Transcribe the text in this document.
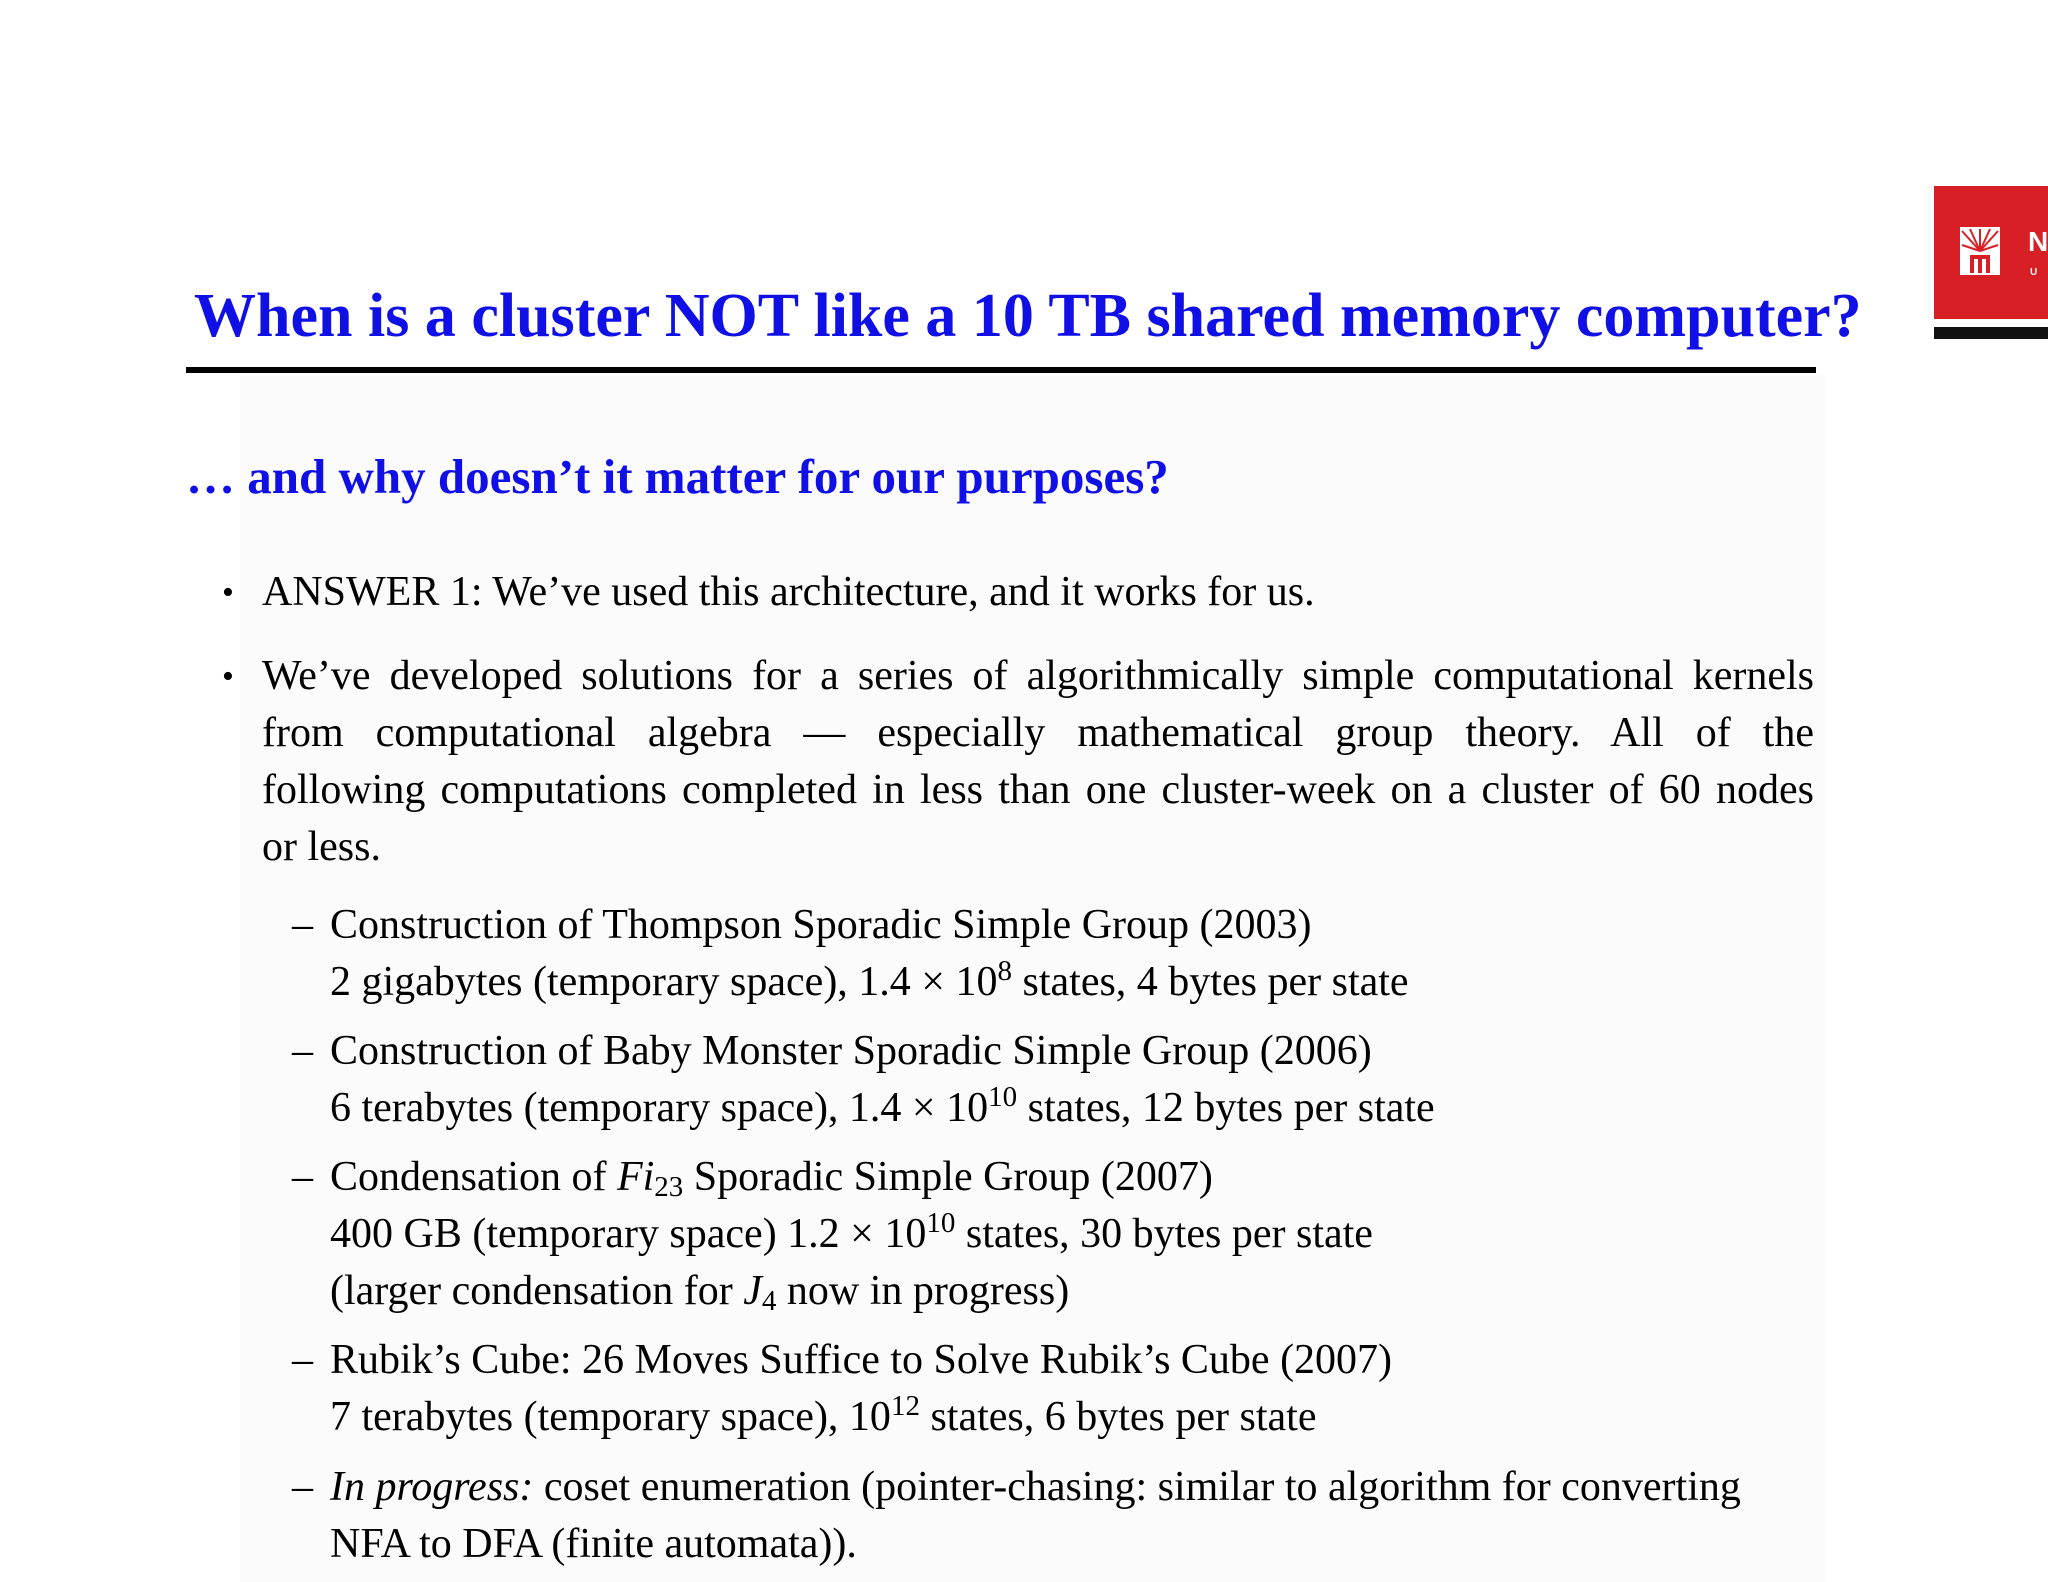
When is a cluster NOT like a 10 TB shared memory computer?
N
U
… and why doesn’t it matter for our purposes?
• ANSWER 1: We’ve used this architecture, and it works for us.
• We’ve developed solutions for a series of algorithmically simple computational kernels
from computational algebra — especially mathematical group theory. All of the
following computations completed in less than one cluster-week on a cluster of 60 nodes
or less.
– Construction of Thompson Sporadic Simple Group (2003)
2 gigabytes (temporary space), $1.4 \times 10^8$ states, 4 bytes per state
– Construction of Baby Monster Sporadic Simple Group (2006)
6 terabytes (temporary space), $1.4 \times 10^{10}$ states, 12 bytes per state
– Condensation of $Fi_{23}$ Sporadic Simple Group (2007)
400 GB (temporary space) $1.2 \times 10^{10}$ states, 30 bytes per state
(larger condensation for $J_4$ now in progress)
– Rubik’s Cube: 26 Moves Suffice to Solve Rubik’s Cube (2007)
7 terabytes (temporary space), $10^{12}$ states, 6 bytes per state
– In progress: coset enumeration (pointer-chasing: similar to algorithm for converting
NFA to DFA (finite automata)).
